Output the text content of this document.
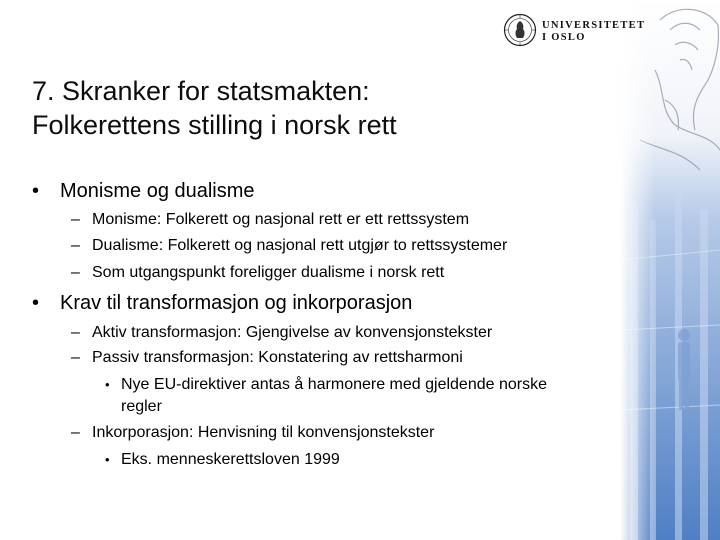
UNIVERSITETET
I OSLO
7. Skranker for statsmakten:
Folkerettens stilling i norsk rett
• Monisme og dualisme
– Monisme: Folkerett og nasjonal rett er ett rettssystem
– Dualisme: Folkerett og nasjonal rett utgjør to rettssystemer
– Som utgangspunkt foreligger dualisme i norsk rett
• Krav til transformasjon og inkorporasjon
– Aktiv transformasjon: Gjengivelse av konvensjonstekster
– Passiv transformasjon: Konstatering av rettsharmoni
• Nye EU-direktiver antas å harmonere med gjeldende norske
regler
– Inkorporasjon: Henvisning til konvensjonstekster
• Eks. menneskerettsloven 1999
